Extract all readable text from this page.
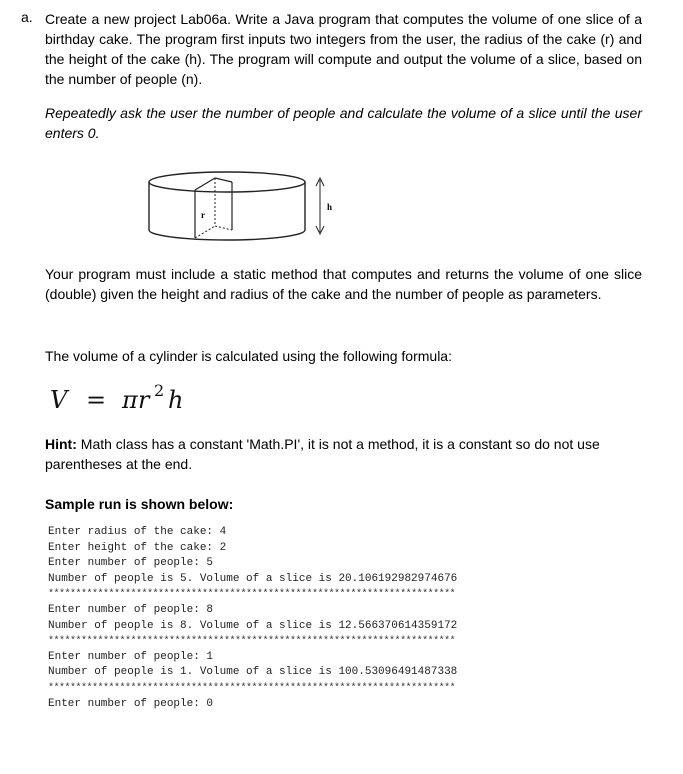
a. Create a new project Lab06a. Write a Java program that computes the volume of one slice of a birthday cake. The program first inputs two integers from the user, the radius of the cake (r) and the height of the cake (h). The program will compute and output the volume of a slice, based on the number of people (n).

Repeatedly ask the user the number of people and calculate the volume of a slice until the user enters 0.

r
h

Your program must include a static method that computes and returns the volume of one slice (double) given the height and radius of the cake and the number of people as parameters.

The volume of a cylinder is calculated using the following formula:

V = π r 2 h

Hint: Math class has a constant 'Math.PI', it is not a method, it is a constant so do not use parentheses at the end.

Sample run is shown below:
Enter radius of the cake: 4
Enter height of the cake: 2
Enter number of people: 5
Number of people is 5. Volume of a slice is 20.106192982974676
**************************************************************************
Enter number of people: 8
Number of people is 8. Volume of a slice is 12.566370614359172
**************************************************************************
Enter number of people: 1
Number of people is 1. Volume of a slice is 100.53096491487338
**************************************************************************
Enter number of people: 0
